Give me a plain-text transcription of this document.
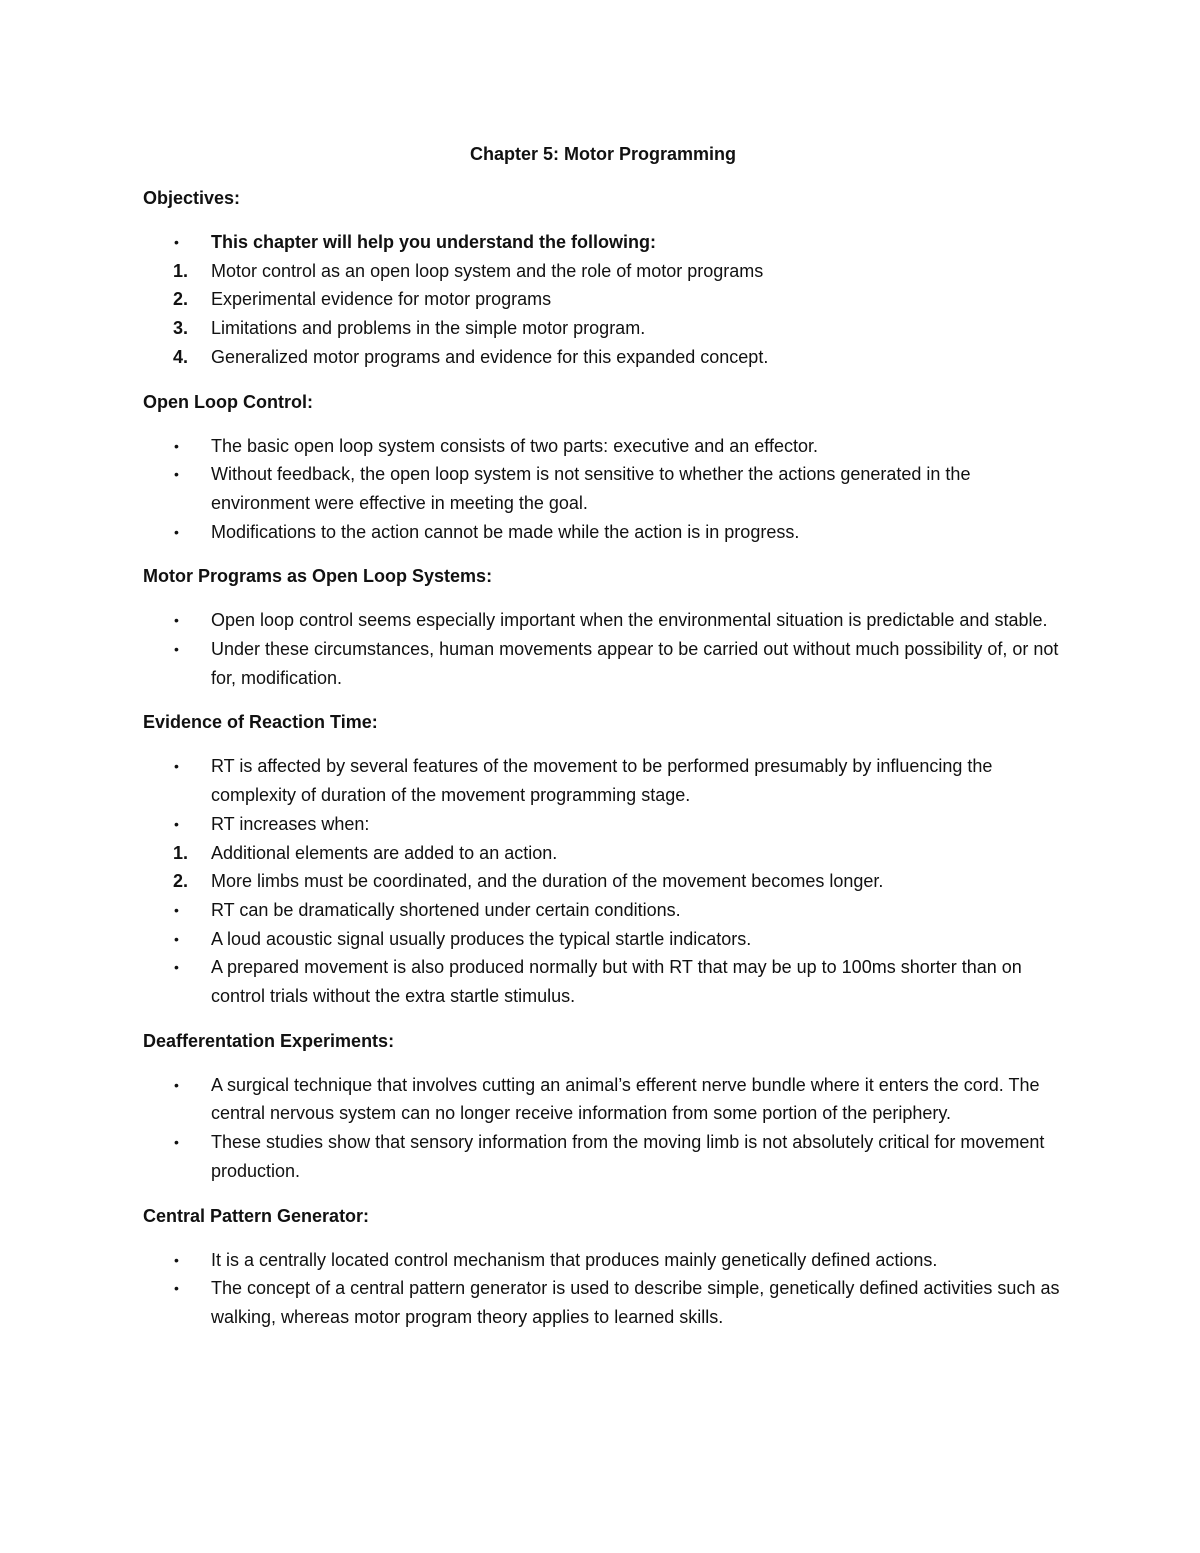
Chapter 5: Motor Programming
Objectives:
•	This chapter will help you understand the following:
1.	Motor control as an open loop system and the role of motor programs
2.	Experimental evidence for motor programs
3.	Limitations and problems in the simple motor program.
4.	Generalized motor programs and evidence for this expanded concept.
Open Loop Control:
•	The basic open loop system consists of two parts: executive and an effector.
•	Without feedback, the open loop system is not sensitive to whether the actions generated in the environment were effective in meeting the goal.
•	Modifications to the action cannot be made while the action is in progress.
Motor Programs as Open Loop Systems:
•	Open loop control seems especially important when the environmental situation is predictable and stable.
•	Under these circumstances, human movements appear to be carried out without much possibility of, or not for, modification.
Evidence of Reaction Time:
•	RT is affected by several features of the movement to be performed presumably by influencing the complexity of duration of the movement programming stage.
•	RT increases when:
1.	Additional elements are added to an action.
2.	More limbs must be coordinated, and the duration of the movement becomes longer.
•	RT can be dramatically shortened under certain conditions.
•	A loud acoustic signal usually produces the typical startle indicators.
•	A prepared movement is also produced normally but with RT that may be up to 100ms shorter than on control trials without the extra startle stimulus.
Deafferentation Experiments:
•	A surgical technique that involves cutting an animal’s efferent nerve bundle where it enters the cord. The central nervous system can no longer receive information from some portion of the periphery.
•	These studies show that sensory information from the moving limb is not absolutely critical for movement production.
Central Pattern Generator:
•	It is a centrally located control mechanism that produces mainly genetically defined actions.
•	The concept of a central pattern generator is used to describe simple, genetically defined activities such as walking, whereas motor program theory applies to learned skills.
